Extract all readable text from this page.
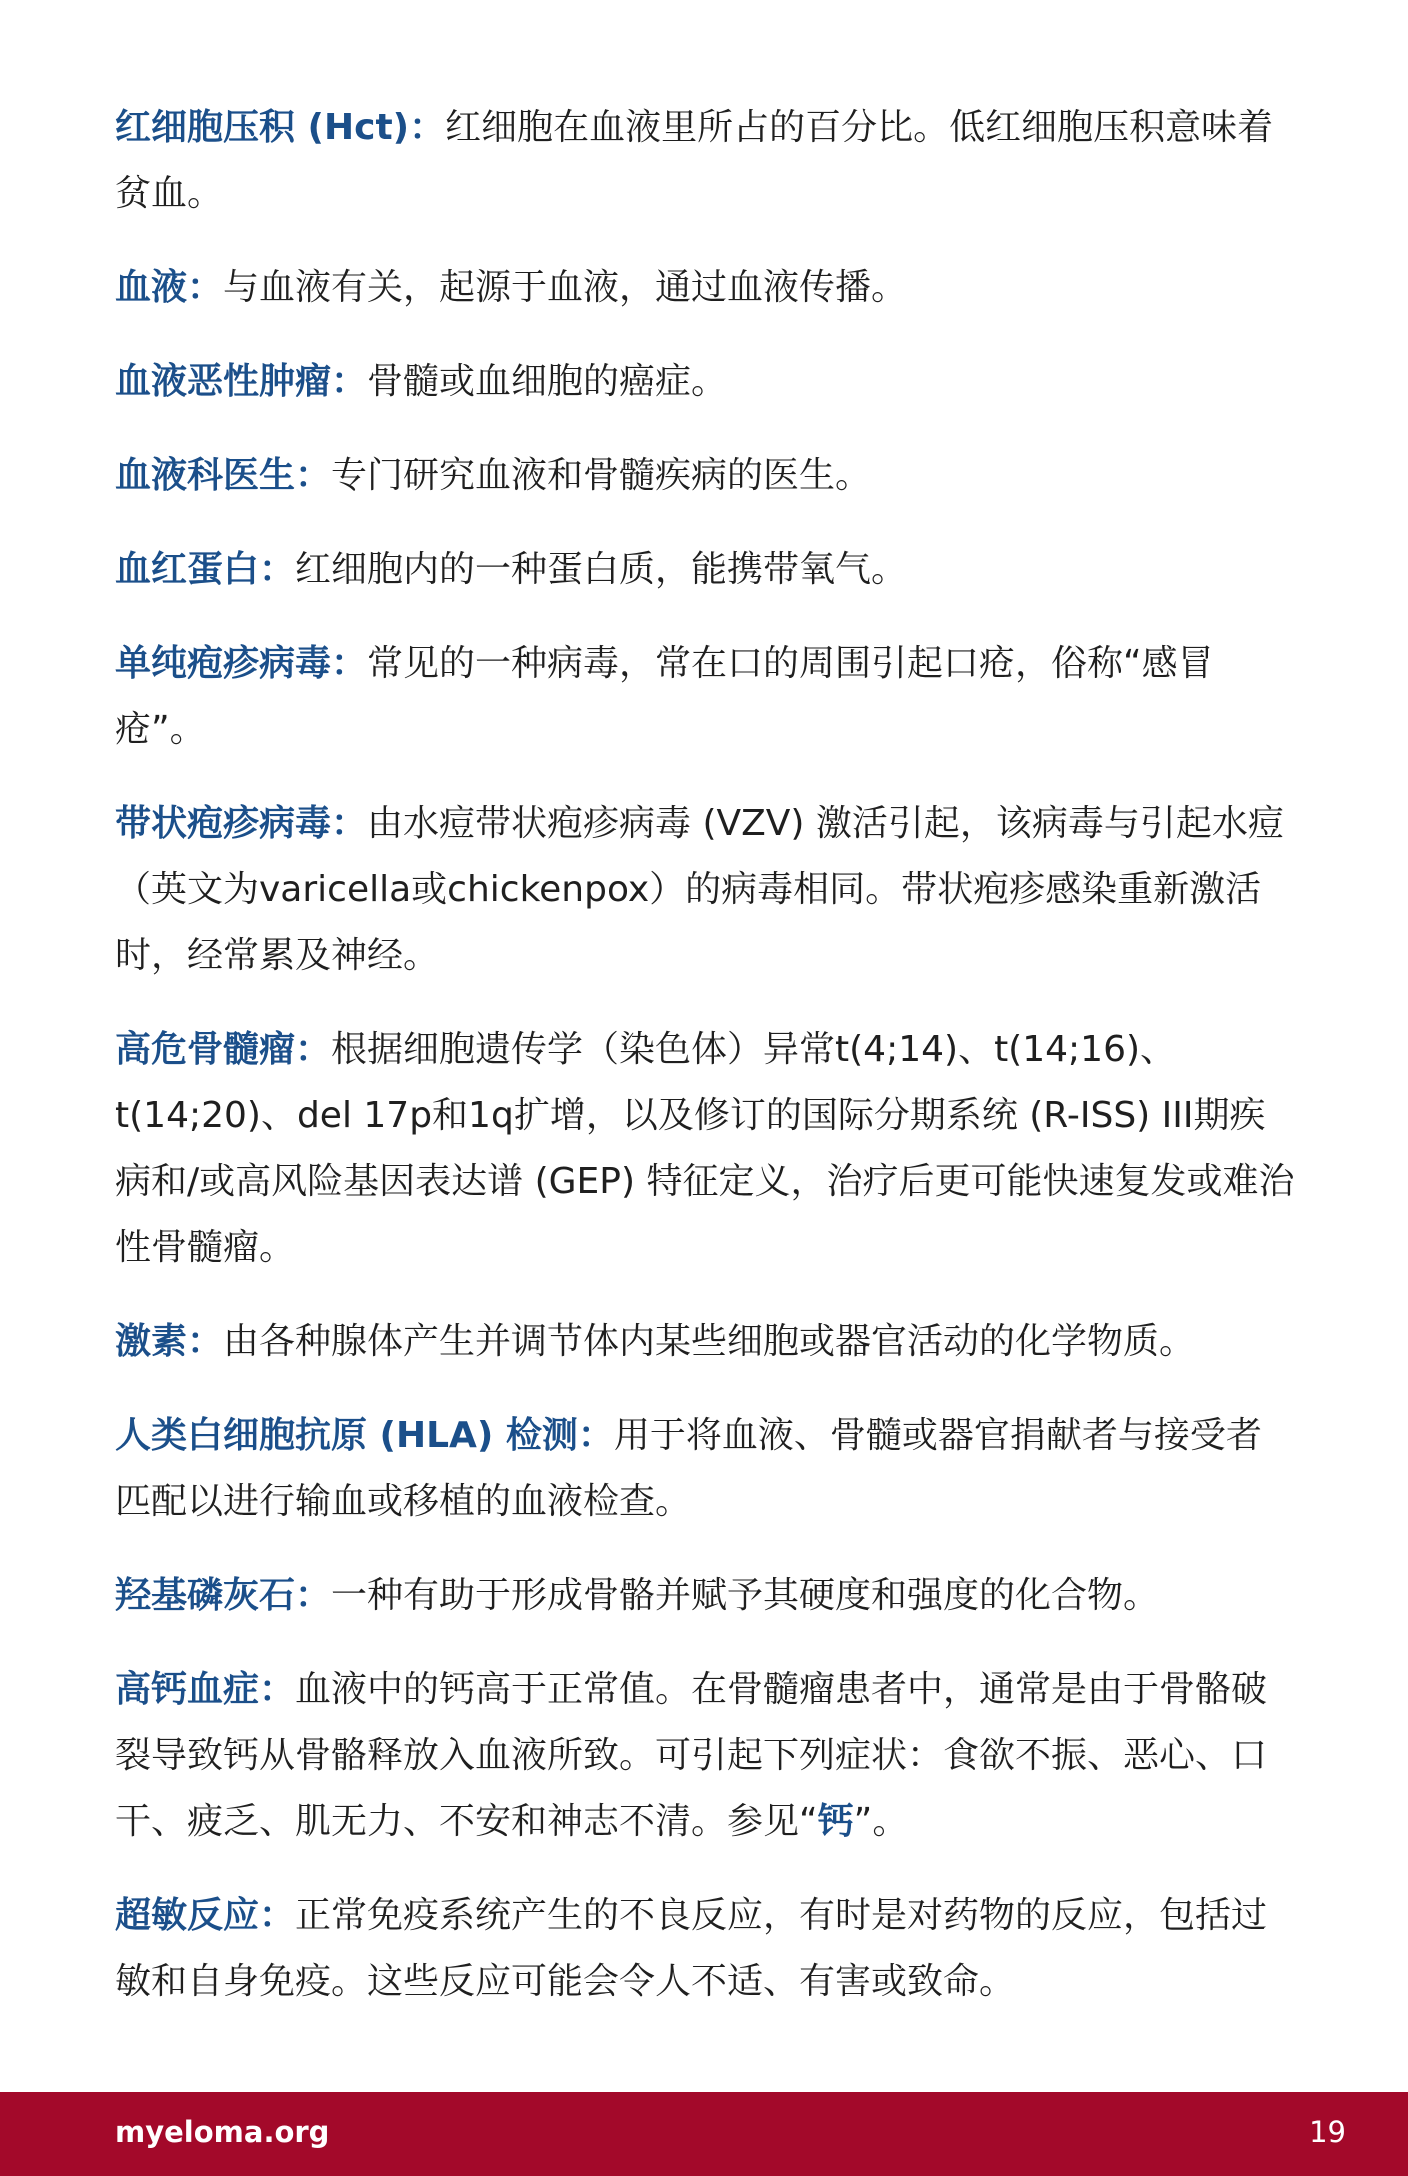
红细胞压积 (Hct)：红细胞在血液里所占的百分比。低红细胞压积意味着贫血。

血液：与血液有关，起源于血液，通过血液传播。

血液恶性肿瘤：骨髓或血细胞的癌症。

血液科医生：专门研究血液和骨髓疾病的医生。

血红蛋白：红细胞内的一种蛋白质，能携带氧气。

单纯疱疹病毒：常见的一种病毒，常在口的周围引起口疮，俗称“感冒疮”。

带状疱疹病毒：由水痘带状疱疹病毒 (VZV) 激活引起，该病毒与引起水痘（英文为varicella或chickenpox）的病毒相同。带状疱疹感染重新激活时，经常累及神经。

高危骨髓瘤：根据细胞遗传学（染色体）异常t(4;14)、t(14;16)、t(14;20)、del 17p和1q扩增，以及修订的国际分期系统 (R-ISS) III期疾病和/或高风险基因表达谱 (GEP) 特征定义，治疗后更可能快速复发或难治性骨髓瘤。

激素：由各种腺体产生并调节体内某些细胞或器官活动的化学物质。

人类白细胞抗原 (HLA) 检测：用于将血液、骨髓或器官捐献者与接受者匹配以进行输血或移植的血液检查。

羟基磷灰石：一种有助于形成骨骼并赋予其硬度和强度的化合物。

高钙血症：血液中的钙高于正常值。在骨髓瘤患者中，通常是由于骨骼破裂导致钙从骨骼释放入血液所致。可引起下列症状：食欲不振、恶心、口干、疲乏、肌无力、不安和神志不清。参见“钙”。

超敏反应：正常免疫系统产生的不良反应，有时是对药物的反应，包括过敏和自身免疫。这些反应可能会令人不适、有害或致命。

myeloma.org	19
